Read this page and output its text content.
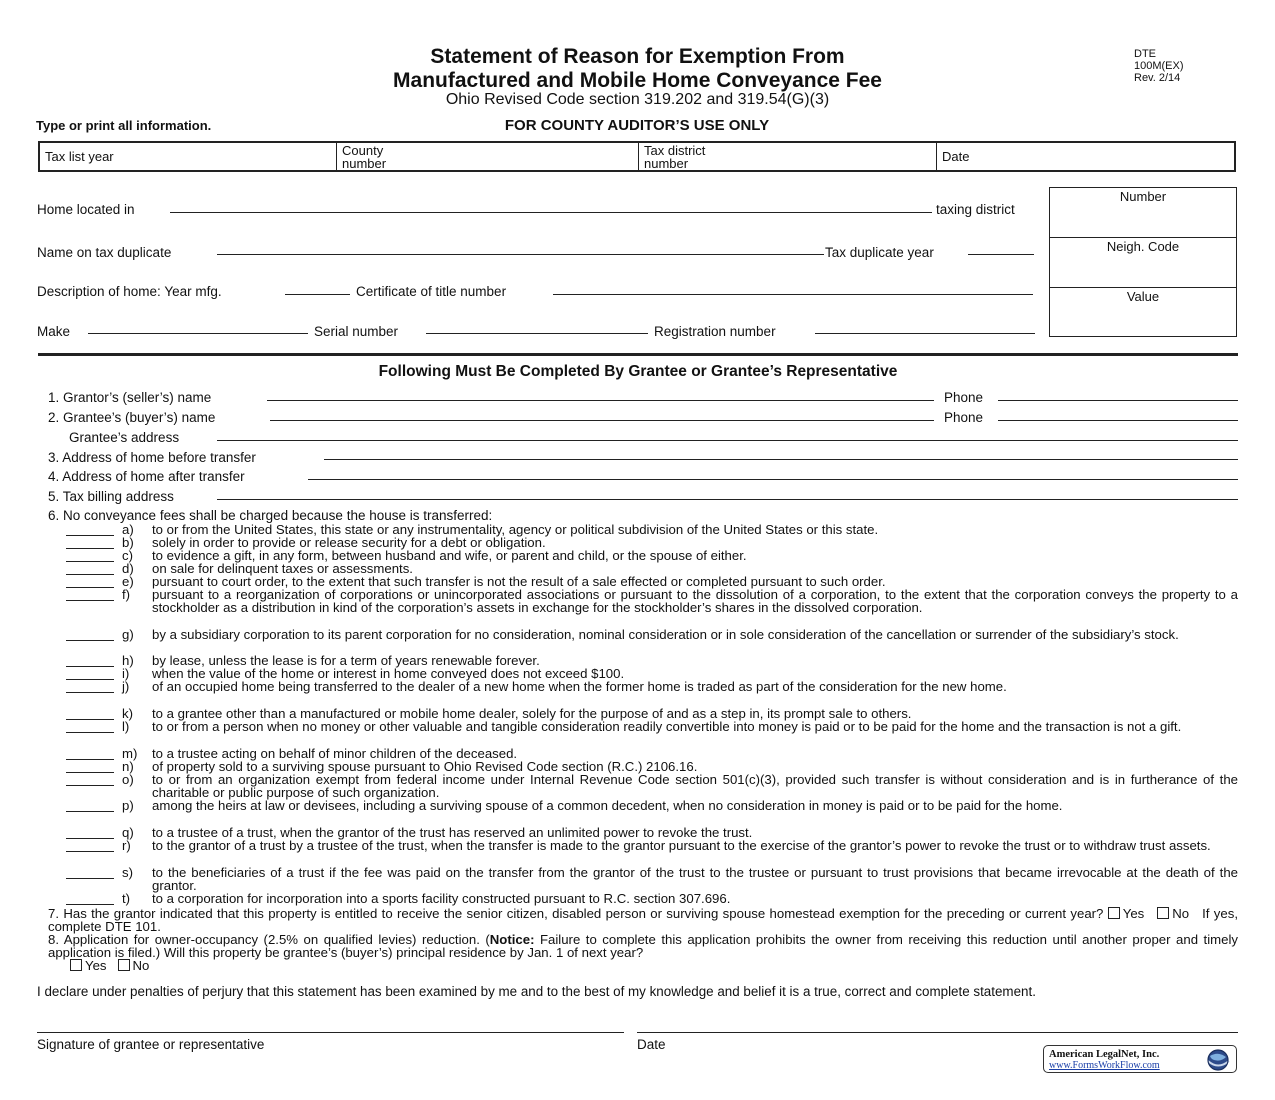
Statement of Reason for Exemption From
Manufactured and Mobile Home Conveyance Fee
Ohio Revised Code section 319.202 and 319.54(G)(3)
DTE
100M(EX)
Rev. 2/14
Type or print all information.	FOR COUNTY AUDITOR’S USE ONLY
Tax list year	County
number
Tax district
number	Date
Number
Neigh. Code
Value
Home located in	taxing district
Name on tax duplicate	Tax duplicate year
Description of home: Year mfg.	Certificate of title number
Make	Serial number	Registration number
Following Must Be Completed By Grantee or Grantee’s Representative
1. Grantor’s (seller’s) name	Phone
2. Grantee’s (buyer’s) name	Phone
Grantee’s address
3. Address of home before transfer
4. Address of home after transfer
5. Tax billing address
6. No conveyance fees shall be charged because the house is transferred:
a)	to or from the United States, this state or any instrumentality, agency or political subdivision of the United States or this state.
b)	solely in order to provide or release security for a debt or obligation.
c)	to evidence a gift, in any form, between husband and wife, or parent and child, or the spouse of either.
d)	on sale for delinquent taxes or assessments.
e)	pursuant to court order, to the extent that such transfer is not the result of a sale effected or completed pursuant to such order.
f)	pursuant to a reorganization of corporations or unincorporated associations or pursuant to the dissolution of a corporation, to the extent that the corporation conveys the property to a stockholder as a distribution in kind of the corporation’s assets in exchange for the stockholder’s shares in the dissolved corporation.
g)	by a subsidiary corporation to its parent corporation for no consideration, nominal consideration or in sole consideration of the cancellation or surrender of the subsidiary’s stock.
h)	by lease, unless the lease is for a term of years renewable forever.
i)	when the value of the home or interest in home conveyed does not exceed $100.
j)	of an occupied home being transferred to the dealer of a new home when the former home is traded as part of the consideration for the new home.
k)	to a grantee other than a manufactured or mobile home dealer, solely for the purpose of and as a step in, its prompt sale to others.
l)	to or from a person when no money or other valuable and tangible consideration readily convertible into money is paid or to be paid for the home and the transaction is not a gift.
m)	to a trustee acting on behalf of minor children of the deceased.
n)	of property sold to a surviving spouse pursuant to Ohio Revised Code section (R.C.) 2106.16.
o)	to or from an organization exempt from federal income under Internal Revenue Code section 501(c)(3), provided such transfer is without consideration and is in furtherance of the charitable or public purpose of such organization.
p)	among the heirs at law or devisees, including a surviving spouse of a common decedent, when no consideration in money is paid or to be paid for the home.
q)	to a trustee of a trust, when the grantor of the trust has reserved an unlimited power to revoke the trust.
r)	to the grantor of a trust by a trustee of the trust, when the transfer is made to the grantor pursuant to the exercise of the grantor’s power to revoke the trust or to withdraw trust assets.
s)	to the beneficiaries of a trust if the fee was paid on the transfer from the grantor of the trust to the trustee or pursuant to trust provisions that became irrevocable at the death of the grantor.
t)	to a corporation for incorporation into a sports facility constructed pursuant to R.C. section 307.696.
7. Has the grantor indicated that this property is entitled to receive the senior citizen, disabled person or surviving spouse homestead exemption for the preceding or current year? Yes No If yes, complete DTE 101.
8. Application for owner-occupancy (2.5% on qualified levies) reduction. (Notice: Failure to complete this application prohibits the owner from receiving this reduction until another proper and timely application is filed.) Will this property be grantee’s (buyer’s) principal residence by Jan. 1 of next year?
Yes No
I declare under penalties of perjury that this statement has been examined by me and to the best of my knowledge and belief it is a true, correct and complete statement.
Signature of grantee or representative	Date
American LegalNet, Inc.
www.FormsWorkFlow.com
